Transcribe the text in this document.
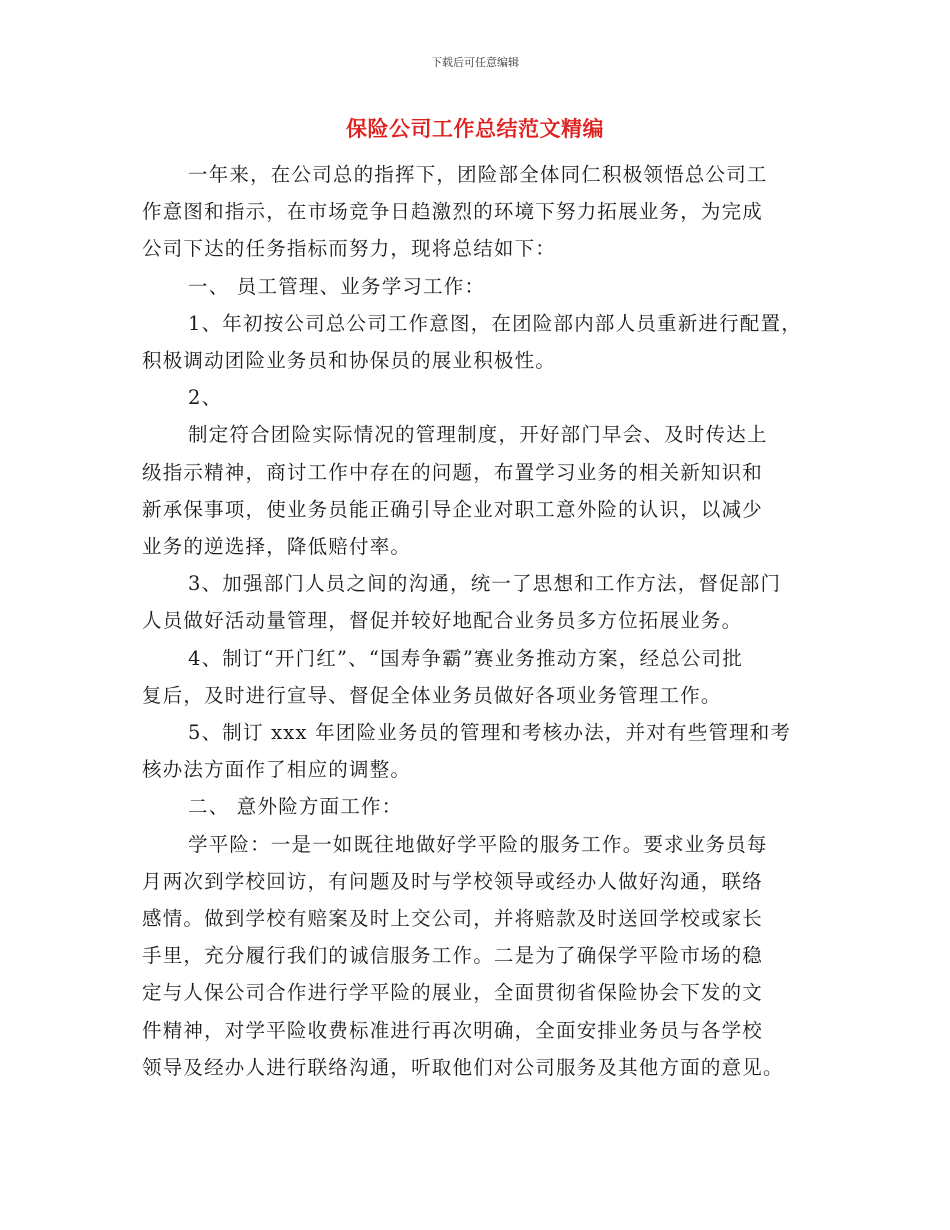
下载后可任意编辑
保险公司工作总结范文精编

一年来，在公司总的指挥下，团险部全体同仁积极领悟总公司工
作意图和指示，在市场竞争日趋激烈的环境下努力拓展业务，为完成
公司下达的任务指标而努力，现将总结如下：

一、 员工管理、业务学习工作：

1、年初按公司总公司工作意图，在团险部内部人员重新进行配置，
积极调动团险业务员和协保员的展业积极性。

2、

制定符合团险实际情况的管理制度，开好部门早会、及时传达上
级指示精神，商讨工作中存在的问题，布置学习业务的相关新知识和
新承保事项，使业务员能正确引导企业对职工意外险的认识，以减少
业务的逆选择，降低赔付率。

3、加强部门人员之间的沟通，统一了思想和工作方法，督促部门
人员做好活动量管理，督促并较好地配合业务员多方位拓展业务。

4、制订“开门红”、“国寿争霸”赛业务推动方案，经总公司批
复后，及时进行宣导、督促全体业务员做好各项业务管理工作。

5、制订 xxx 年团险业务员的管理和考核办法，并对有些管理和考
核办法方面作了相应的调整。

二、 意外险方面工作：

学平险：一是一如既往地做好学平险的服务工作。要求业务员每
月两次到学校回访，有问题及时与学校领导或经办人做好沟通，联络
感情。做到学校有赔案及时上交公司，并将赔款及时送回学校或家长
手里，充分履行我们的诚信服务工作。二是为了确保学平险市场的稳
定与人保公司合作进行学平险的展业，全面贯彻省保险协会下发的文
件精神，对学平险收费标准进行再次明确，全面安排业务员与各学校
领导及经办人进行联络沟通，听取他们对公司服务及其他方面的意见。
